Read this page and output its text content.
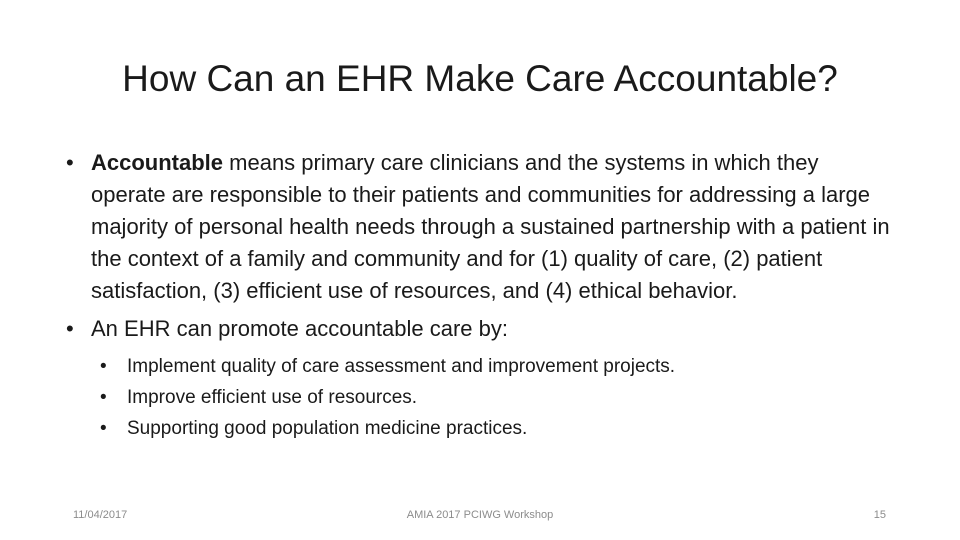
How Can an EHR Make Care Accountable?
• Accountable means primary care clinicians and the systems in which they operate are responsible to their patients and communities for addressing a large majority of personal health needs through a sustained partnership with a patient in the context of a family and community and for (1) quality of care, (2) patient satisfaction, (3) efficient use of resources, and (4) ethical behavior.
• An EHR can promote accountable care by:
• Implement quality of care assessment and improvement projects.
• Improve efficient use of resources.
• Supporting good population medicine practices.
11/04/2017	AMIA 2017 PCIWG Workshop	15
